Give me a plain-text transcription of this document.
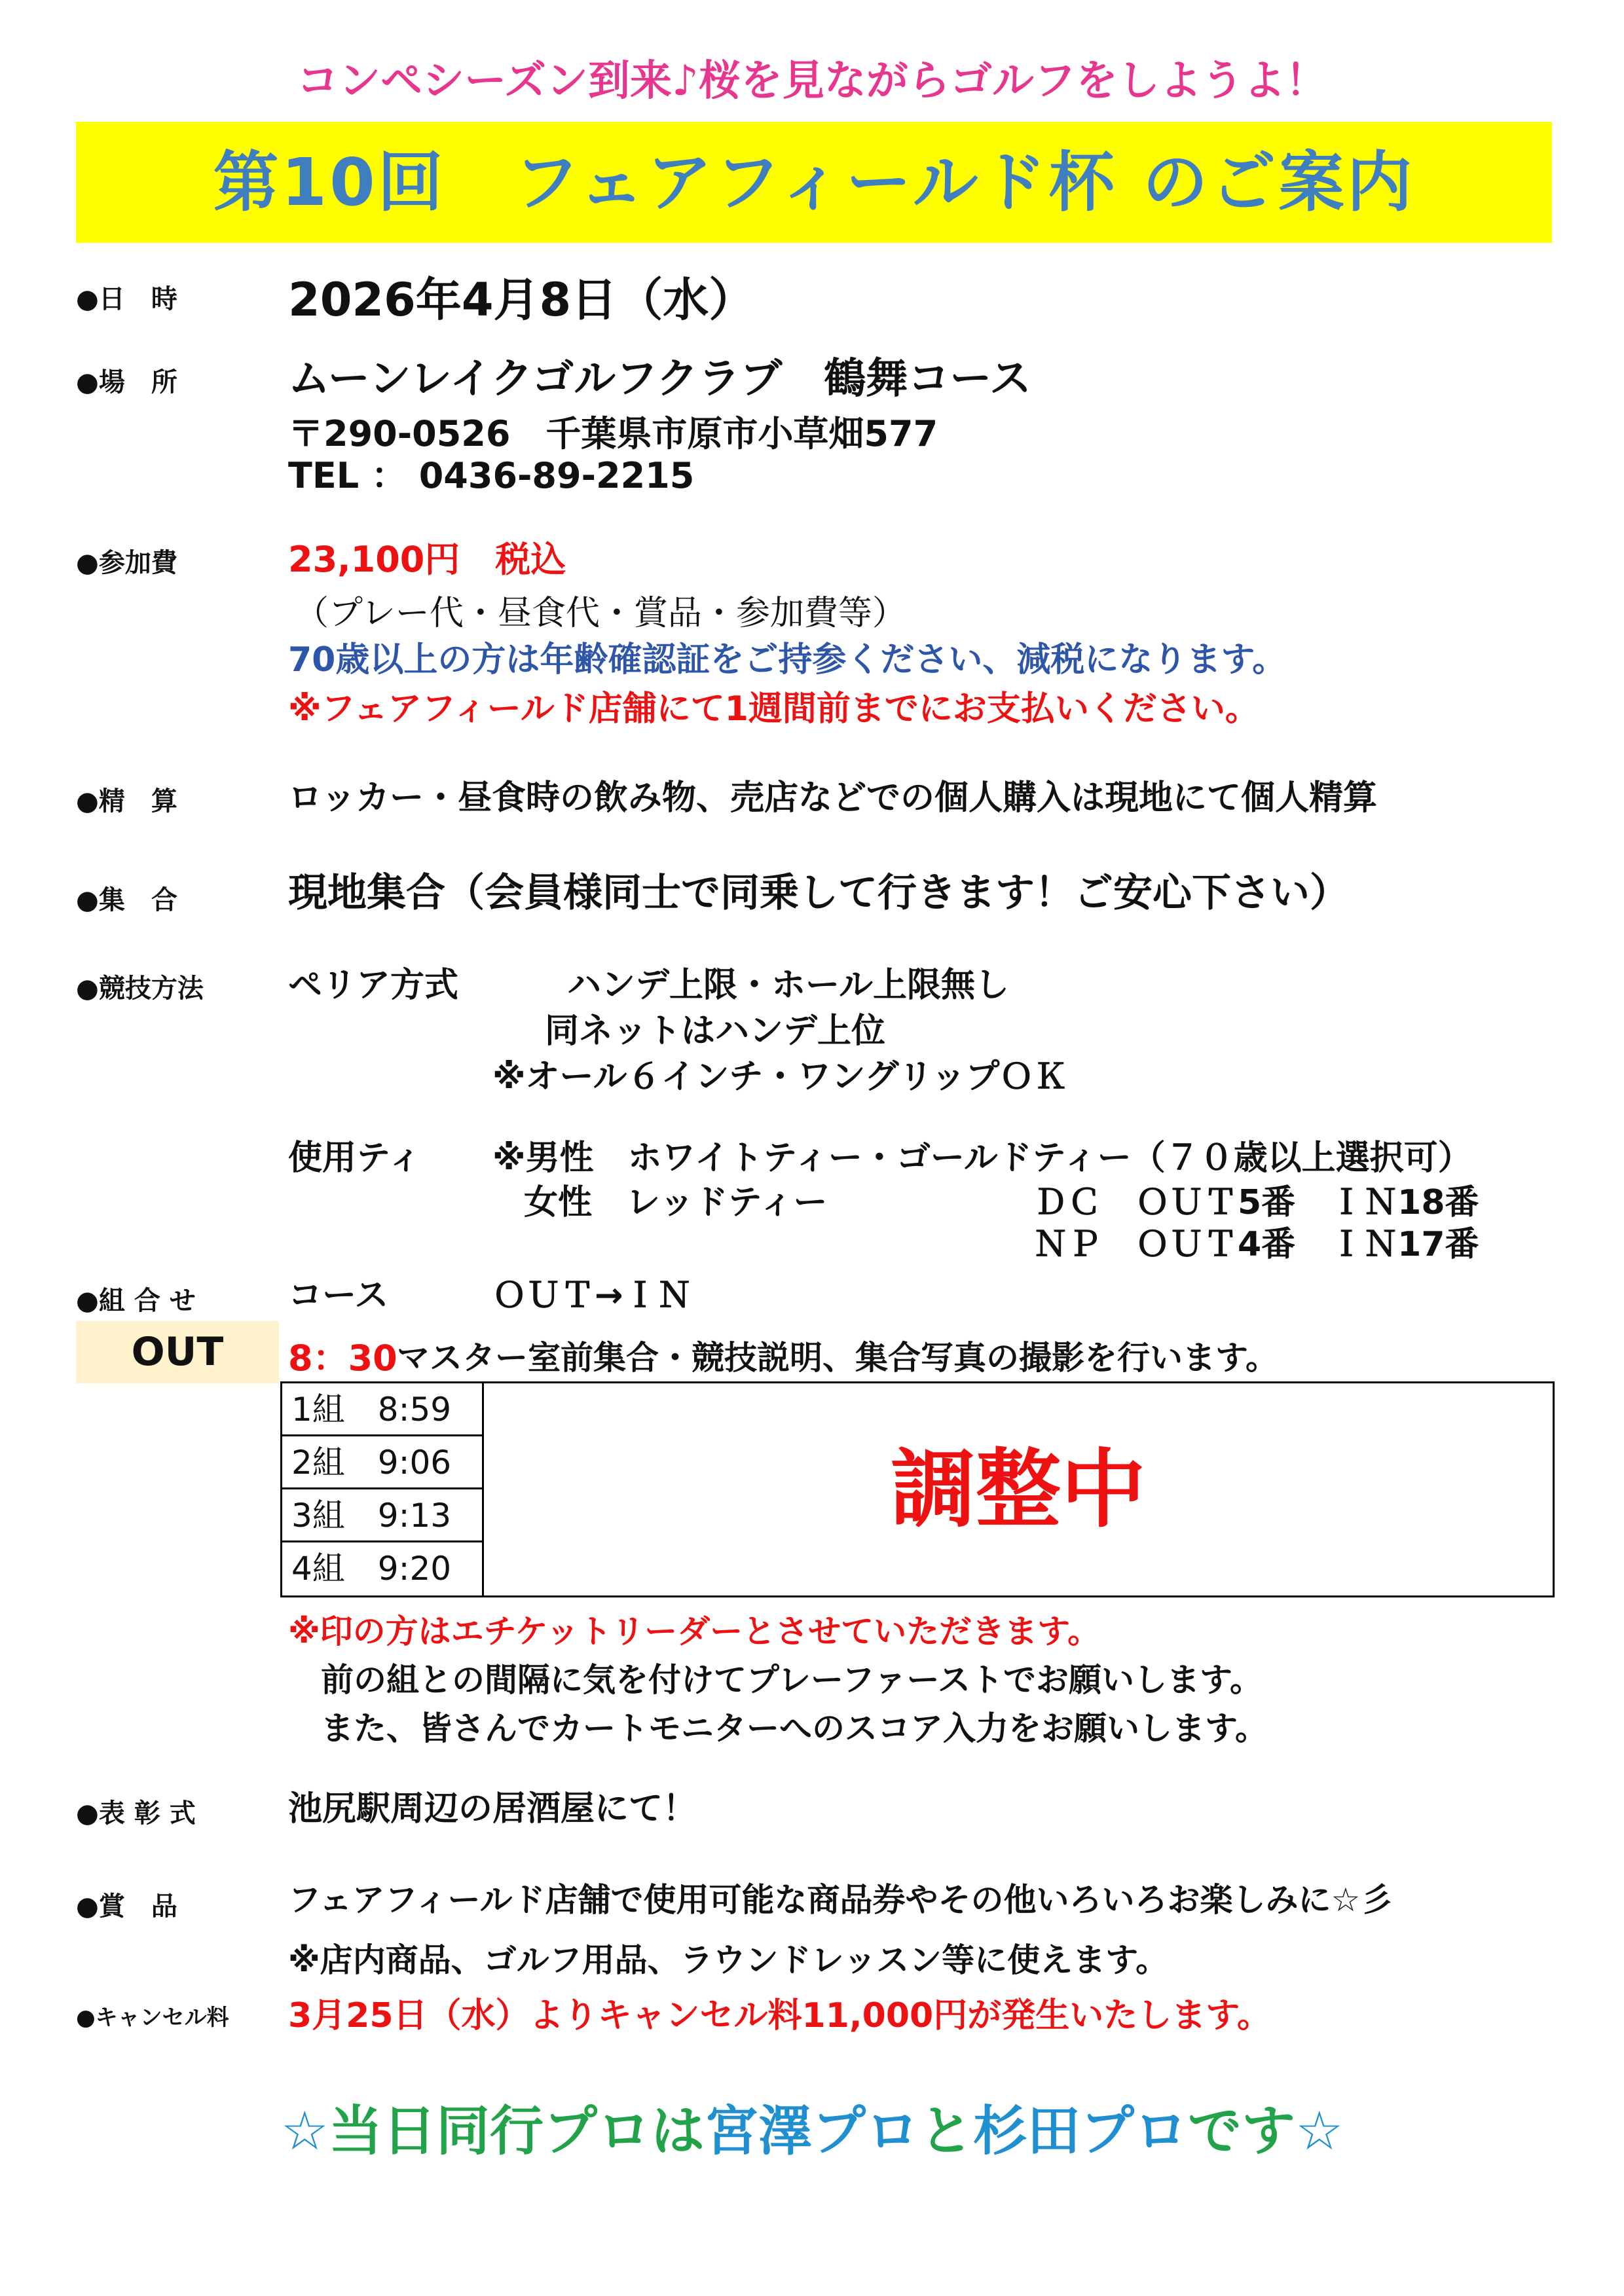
コンペシーズン到来♪桜を見ながらゴルフをしようよ！
第10回　フェアフィールド杯 のご案内
●日　時 2026年4月8日（水）
●場　所	ムーンレイクゴルフクラブ　鶴舞コース
〒290-0526　千葉県市原市小草畑577
TEL ： 0436-89-2215
●参加費	23,100円　税込
（プレー代・昼食代・賞品・参加費等）
70歳以上の方は年齢確認証をご持参ください、減税になります。
※フェアフィールド店舗にて1週間前までにお支払いください。
●精　算	ロッカー・昼食時の飲み物、売店などでの個人購入は現地にて個人精算
●集　合	現地集合（会員様同士で同乗して行きます！ご安心下さい）
●競技方法 ペリア方式	ハンデ上限・ホール上限無し
同ネットはハンデ上位
※オール６インチ・ワングリップＯＫ
使用ティ ※男性　ホワイトティー・ゴールドティー（７０歳以上選択可）
女性　レッドティー	ＤＣ　ＯＵＴ5番　ＩＮ18番
ＮＰ　ＯＵＴ4番　ＩＮ17番
●組 合 せ	コース	ＯＵＴ→ＩＮ
OUT	8：30 マスター室前集合・競技説明、集合写真の撮影を行います。
1組　8:59
2組　9:06
3組　9:13
4組　9:20
調整中
※印の方はエチケットリーダーとさせていただきます。
前の組との間隔に気を付けてプレーファーストでお願いします。
また、皆さんでカートモニターへのスコア入力をお願いします。
●表 彰 式	池尻駅周辺の居酒屋にて！
●賞　品	フェアフィールド店舗で使用可能な商品券やその他いろいろお楽しみに☆彡
※店内商品、ゴルフ用品、ラウンドレッスン等に使えます。
●キャンセル料 3月25日（水）よりキャンセル料11,000円が発生いたします。
☆当日同行プロは宮澤プロと杉田プロです☆
